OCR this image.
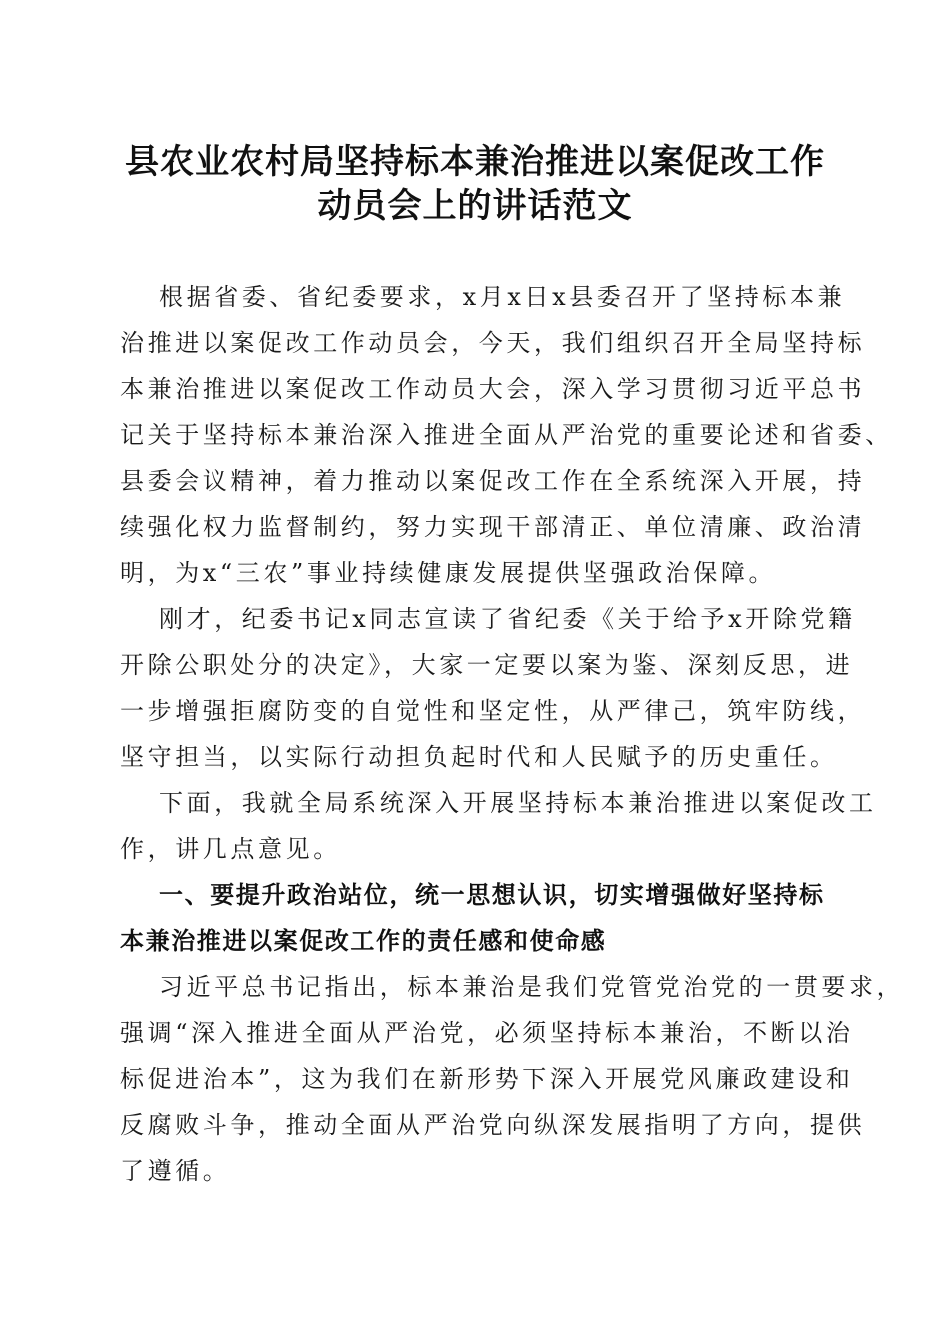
县农业农村局坚持标本兼治推进以案促改工作
动员会上的讲话范文
根据省委、省纪委要求，x月x日x县委召开了坚持标本兼
治推进以案促改工作动员会，今天，我们组织召开全局坚持标
本兼治推进以案促改工作动员大会，深入学习贯彻习近平总书
记关于坚持标本兼治深入推进全面从严治党的重要论述和省委、
县委会议精神，着力推动以案促改工作在全系统深入开展，持
续强化权力监督制约，努力实现干部清正、单位清廉、政治清
明，为x“三农”事业持续健康发展提供坚强政治保障。
刚才，纪委书记x同志宣读了省纪委《关于给予x开除党籍
开除公职处分的决定》，大家一定要以案为鉴、深刻反思，进
一步增强拒腐防变的自觉性和坚定性，从严律己，筑牢防线，
坚守担当，以实际行动担负起时代和人民赋予的历史重任。
下面，我就全局系统深入开展坚持标本兼治推进以案促改工
作，讲几点意见。
一、要提升政治站位，统一思想认识，切实增强做好坚持标
本兼治推进以案促改工作的责任感和使命感
习近平总书记指出，标本兼治是我们党管党治党的一贯要求，
强调“深入推进全面从严治党，必须坚持标本兼治，不断以治
标促进治本”，这为我们在新形势下深入开展党风廉政建设和
反腐败斗争，推动全面从严治党向纵深发展指明了方向，提供
了遵循。
